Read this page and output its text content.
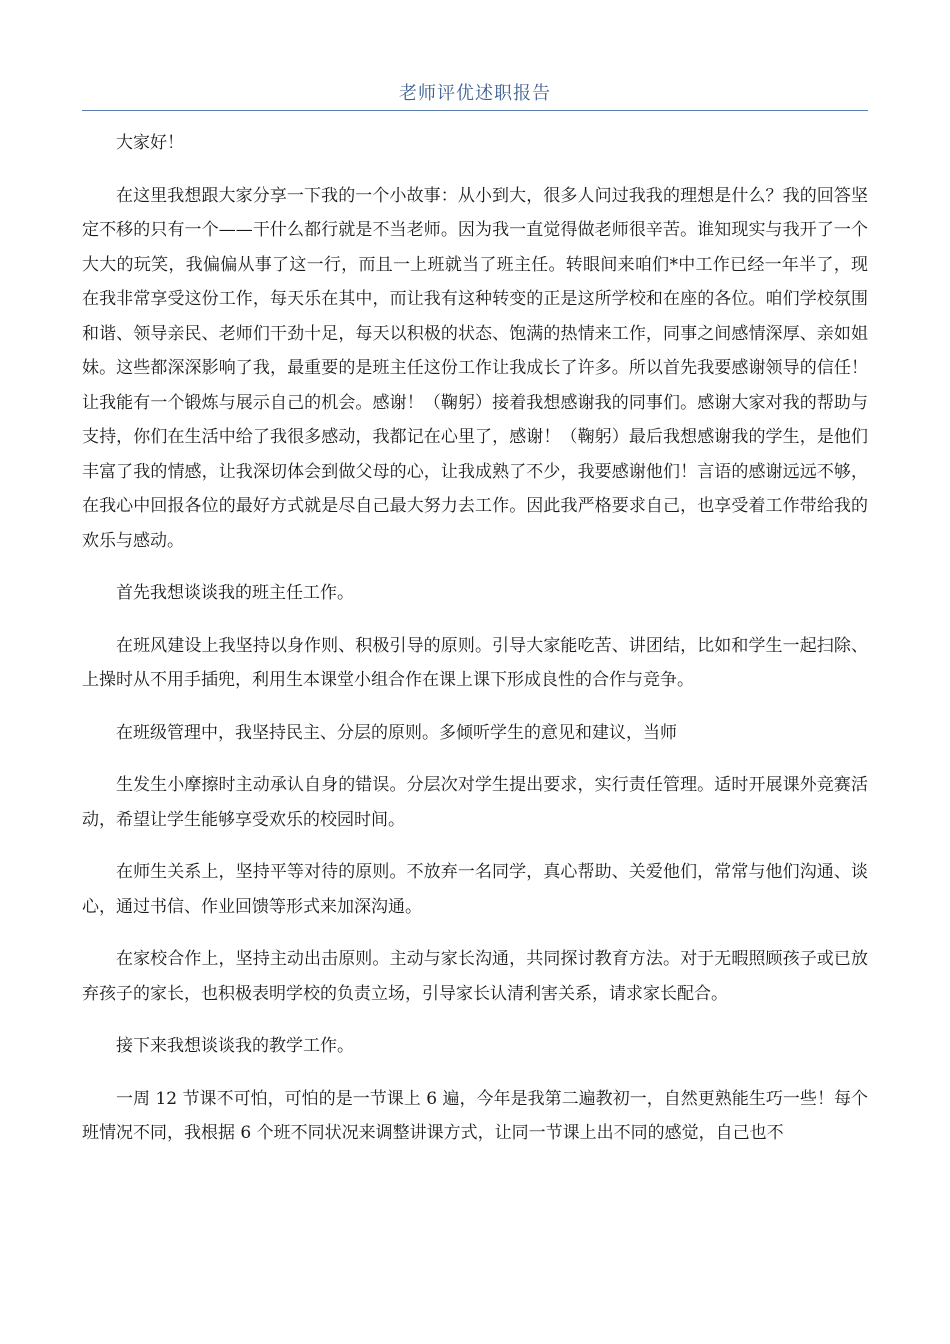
老师评优述职报告

大家好！

在这里我想跟大家分享一下我的一个小故事：从小到大，很多人问过我我的理想是什么？我的回答坚定不移的只有一个——干什么都行就是不当老师。因为我一直觉得做老师很辛苦。谁知现实与我开了一个大大的玩笑，我偏偏从事了这一行，而且一上班就当了班主任。转眼间来咱们*中工作已经一年半了，现在我非常享受这份工作，每天乐在其中，而让我有这种转变的正是这所学校和在座的各位。咱们学校氛围和谐、领导亲民、老师们干劲十足，每天以积极的状态、饱满的热情来工作，同事之间感情深厚、亲如姐妹。这些都深深影响了我，最重要的是班主任这份工作让我成长了许多。所以首先我要感谢领导的信任！让我能有一个锻炼与展示自己的机会。感谢！（鞠躬）接着我想感谢我的同事们。感谢大家对我的帮助与支持，你们在生活中给了我很多感动，我都记在心里了，感谢！（鞠躬）最后我想感谢我的学生，是他们丰富了我的情感，让我深切体会到做父母的心，让我成熟了不少，我要感谢他们！言语的感谢远远不够，在我心中回报各位的最好方式就是尽自己最大努力去工作。因此我严格要求自己，也享受着工作带给我的欢乐与感动。

首先我想谈谈我的班主任工作。

在班风建设上我坚持以身作则、积极引导的原则。引导大家能吃苦、讲团结，比如和学生一起扫除、上操时从不用手插兜，利用生本课堂小组合作在课上课下形成良性的合作与竞争。

在班级管理中，我坚持民主、分层的原则。多倾听学生的意见和建议，当师

生发生小摩擦时主动承认自身的错误。分层次对学生提出要求，实行责任管理。适时开展课外竞赛活动，希望让学生能够享受欢乐的校园时间。

在师生关系上，坚持平等对待的原则。不放弃一名同学，真心帮助、关爱他们，常常与他们沟通、谈心，通过书信、作业回馈等形式来加深沟通。

在家校合作上，坚持主动出击原则。主动与家长沟通，共同探讨教育方法。对于无暇照顾孩子或已放弃孩子的家长，也积极表明学校的负责立场，引导家长认清利害关系，请求家长配合。

接下来我想谈谈我的教学工作。

一周 12 节课不可怕，可怕的是一节课上 6 遍，今年是我第二遍教初一，自然更熟能生巧一些！每个班情况不同，我根据 6 个班不同状况来调整讲课方式，让同一节课上出不同的感觉，自己也不
